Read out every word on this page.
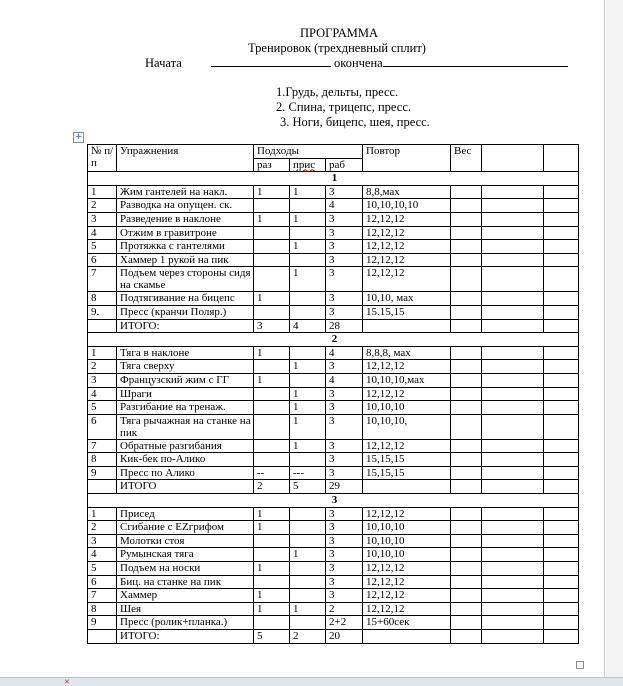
ПРОГРАММА
Тренировок (трехдневный сплит)
Начата	окончена
1.Грудь, дельты, пресс.
2. Спина, трицепс, пресс.
3. Ноги, бицепс, шея, пресс.
+
№ п/п	Упражнения	Подходы			Повтор	Вес		
		раз	прис	раб				
1								
1	Жим гантелей на накл.	1	1	3	8,8,мах			
2	Разводка на опущен. ск.			4	10,10,10,10			
3	Разведение в наклоне	1	1	3	12,12,12			
4	Отжим в гравитроне			3	12,12,12			
5	Протяжка с гантелями		1	3	12,12,12			
6	Хаммер 1 рукой на пик			3	12,12,12			
7	Подъем через стороны сидя на скамье		1	3	12,12,12			
8	Подтягивание на бицепс	1		3	10,10, мах			
9.	Пресс (кранчи Поляр.)			3	15.15,15			
	ИТОГО:	3	4	28				
2								
1	Тяга в наклоне	1		4	8,8,8, мах			
2	Тяга сверху		1	3	12,12,12			
3	Французский жим с ГГ	1		4	10,10,10,мах			
4	Шраги		1	3	12,12,12			
5	Разгибание на тренаж.		1	3	10,10,10			
6	Тяга рычажная на станке на пик		1	3	10,10,10,			
7	Обратные разгибания		1	3	12,12,12			
8	Кик-бек по-Алико			3	15,15,15			
9	Пресс по Алико	--	---	3	15,15,15			
	ИТОГО	2	5	29				
3								
1	Присед	1		3	12,12,12			
2	Сгибание с EZгрифом	1		3	10,10,10			
3	Молотки стоя			3	10,10,10			
4	Румынская тяга		1	3	10,10,10			
5	Подъем на носки	1		3	12,12,12			
6	Биц. на станке на пик			3	12,12,12			
7	Хаммер	1		3	12,12,12			
8	Шея	1	1	2	12,12,12			
9	Пресс (ролик+планка.)			2+2	15+60сек			
	ИТОГО:	5	2	20				
✕
